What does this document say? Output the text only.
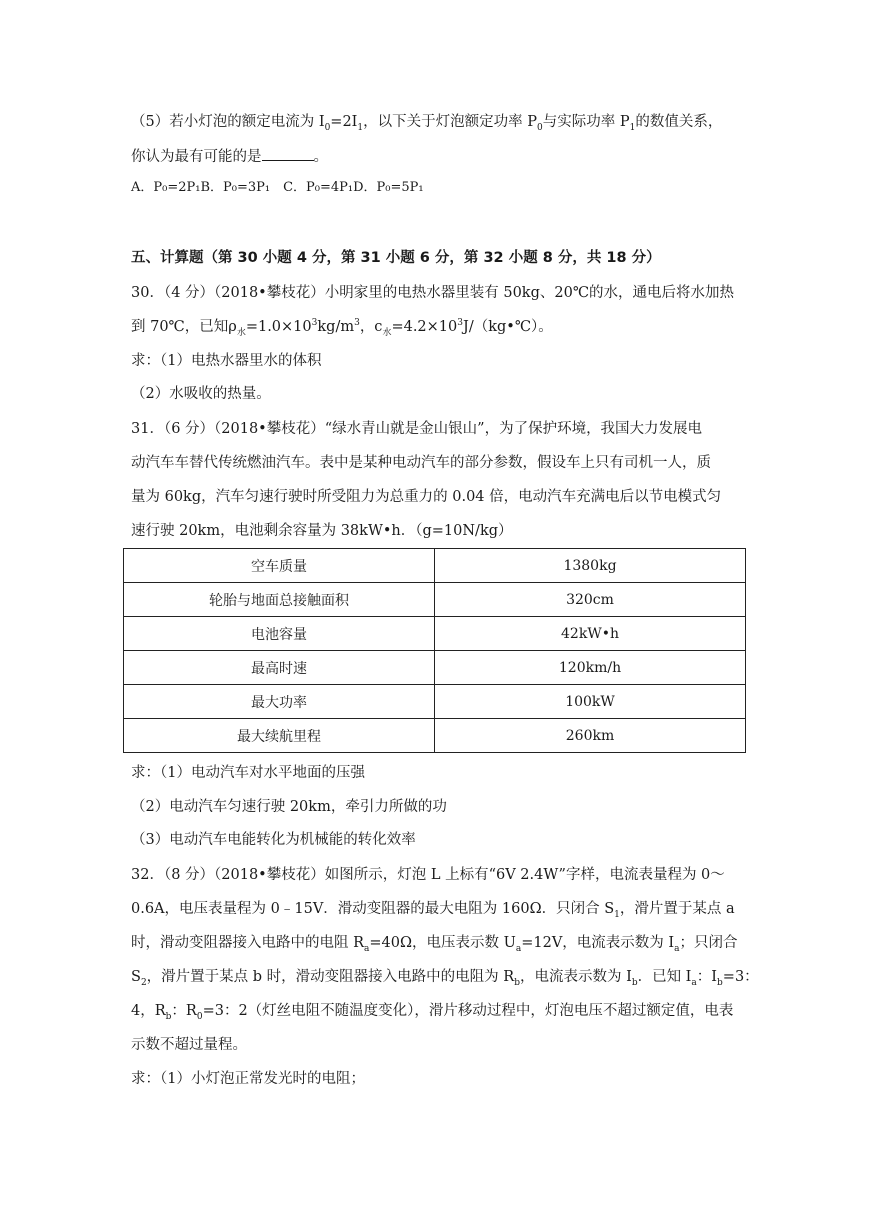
（5）若小灯泡的额定电流为 $I_0=2I_1$，以下关于灯泡额定功率 $P_0$与实际功率 $P_1$的数值关系，
你认为最有可能的是	。
A．P₀=2P₁B．P₀=3P₁　C．P₀=4P₁D．P₀=5P₁
五、计算题（第 30 小题 4 分，第 31 小题 6 分，第 32 小题 8 分，共 18 分）
30．（4 分）（2018•攀枝花）小明家里的电热水器里装有 50kg、20℃的水，通电后将水加热
到 70℃，已知$\rho_水=1.0\times 10^3kg/m^3$，$c_水=4.2\times 10^3J/(kg•℃)$。
求：（1）电热水器里水的体积
（2）水吸收的热量。
31．（6 分）（2018•攀枝花）“绿水青山就是金山银山”，为了保护环境，我国大力发展电
动汽车车替代传统燃油汽车。表中是某种电动汽车的部分参数，假设车上只有司机一人，质
量为 60kg，汽车匀速行驶时所受阻力为总重力的 0.04 倍，电动汽车充满电后以节电模式匀
速行驶 20km，电池剩余容量为 38kW•h．（g=10N/kg）
空车质量	1380kg
轮胎与地面总接触面积	320cm
电池容量	42kW•h
最高时速	120km/h
最大功率	100kW
最大续航里程	260km
求：（1）电动汽车对水平地面的压强
（2）电动汽车匀速行驶 20km，牵引力所做的功
（3）电动汽车电能转化为机械能的转化效率
32．（8 分）（2018•攀枝花）如图所示，灯泡 L 上标有“6V 2.4W”字样，电流表量程为 0～
0.6A，电压表量程为 0﹣15V．滑动变阻器的最大电阻为 160Ω．只闭合 $S_1$，滑片置于某点 a
时，滑动变阻器接入电路中的电阻 $R_a=40\Omega$，电压表示数 $U_a=12V$，电流表示数为 $I_a$；只闭合
$S_2$，滑片置于某点 b 时，滑动变阻器接入电路中的电阻为 $R_b$，电流表示数为 $I_b$．已知 $I_a$：$I_b=3$：
4，$R_b$：$R_0=3$：2（灯丝电阻不随温度变化），滑片移动过程中，灯泡电压不超过额定值，电表
示数不超过量程。
求：（1）小灯泡正常发光时的电阻；
